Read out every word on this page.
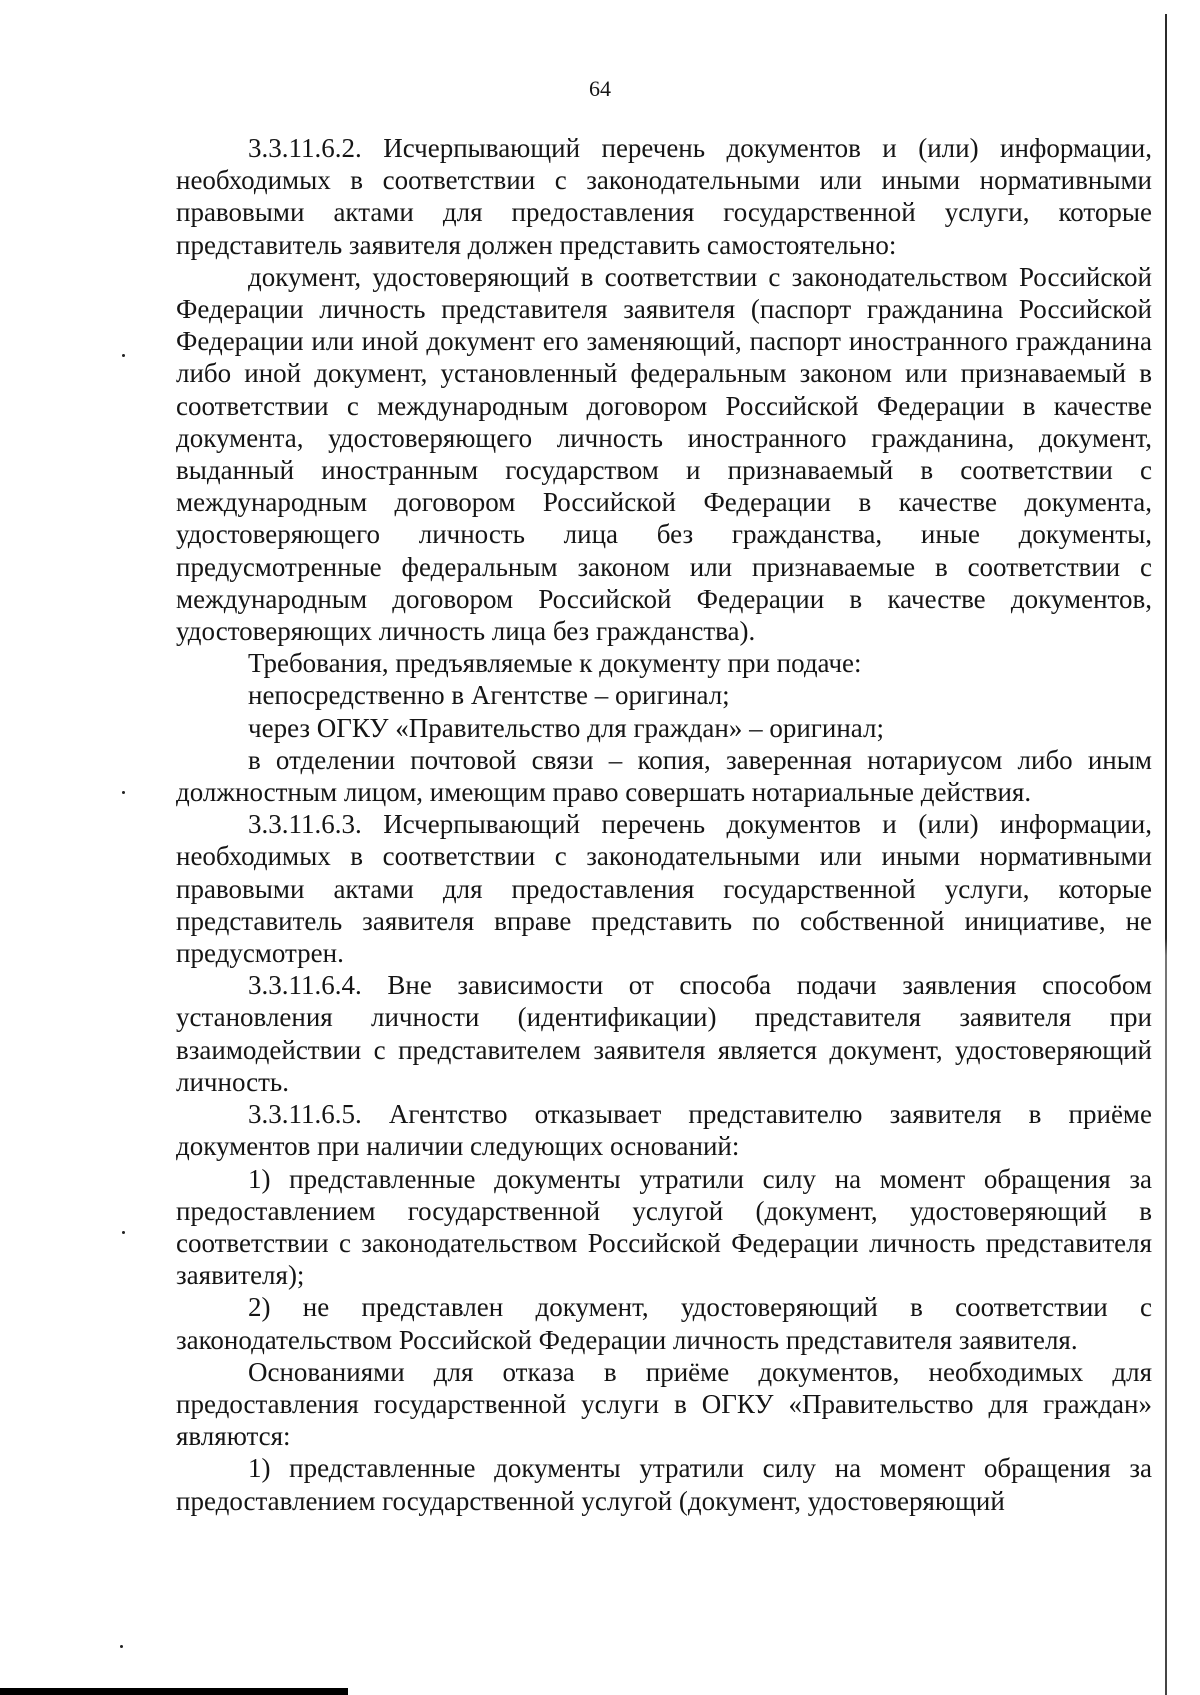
64

3.3.11.6.2. Исчерпывающий перечень документов и (или) информации, необходимых в соответствии с законодательными или иными нормативными правовыми актами для предоставления государственной услуги, которые представитель заявителя должен представить самостоятельно:

документ, удостоверяющий в соответствии с законодательством Российской Федерации личность представителя заявителя (паспорт гражданина Российской Федерации или иной документ его заменяющий, паспорт иностранного гражданина либо иной документ, установленный федеральным законом или признаваемый в соответствии с международным договором Российской Федерации в качестве документа, удостоверяющего личность иностранного гражданина, документ, выданный иностранным государством и признаваемый в соответствии с международным договором Российской Федерации в качестве документа, удостоверяющего личность лица без гражданства, иные документы, предусмотренные федеральным законом или признаваемые в соответствии с международным договором Российской Федерации в качестве документов, удостоверяющих личность лица без гражданства).

Требования, предъявляемые к документу при подаче:

непосредственно в Агентстве – оригинал;

через ОГКУ «Правительство для граждан» – оригинал;

в отделении почтовой связи – копия, заверенная нотариусом либо иным должностным лицом, имеющим право совершать нотариальные действия.

3.3.11.6.3. Исчерпывающий перечень документов и (или) информации, необходимых в соответствии с законодательными или иными нормативными правовыми актами для предоставления государственной услуги, которые представитель заявителя вправе представить по собственной инициативе, не предусмотрен.

3.3.11.6.4. Вне зависимости от способа подачи заявления способом установления личности (идентификации) представителя заявителя при взаимодействии с представителем заявителя является документ, удостоверяющий личность.

3.3.11.6.5. Агентство отказывает представителю заявителя в приёме документов при наличии следующих оснований:

1) представленные документы утратили силу на момент обращения за предоставлением государственной услугой (документ, удостоверяющий в соответствии с законодательством Российской Федерации личность представителя заявителя);

2) не представлен документ, удостоверяющий в соответствии с законодательством Российской Федерации личность представителя заявителя.

Основаниями для отказа в приёме документов, необходимых для предоставления государственной услуги в ОГКУ «Правительство для граждан» являются:

1) представленные документы утратили силу на момент обращения за предоставлением государственной услугой (документ, удостоверяющий
